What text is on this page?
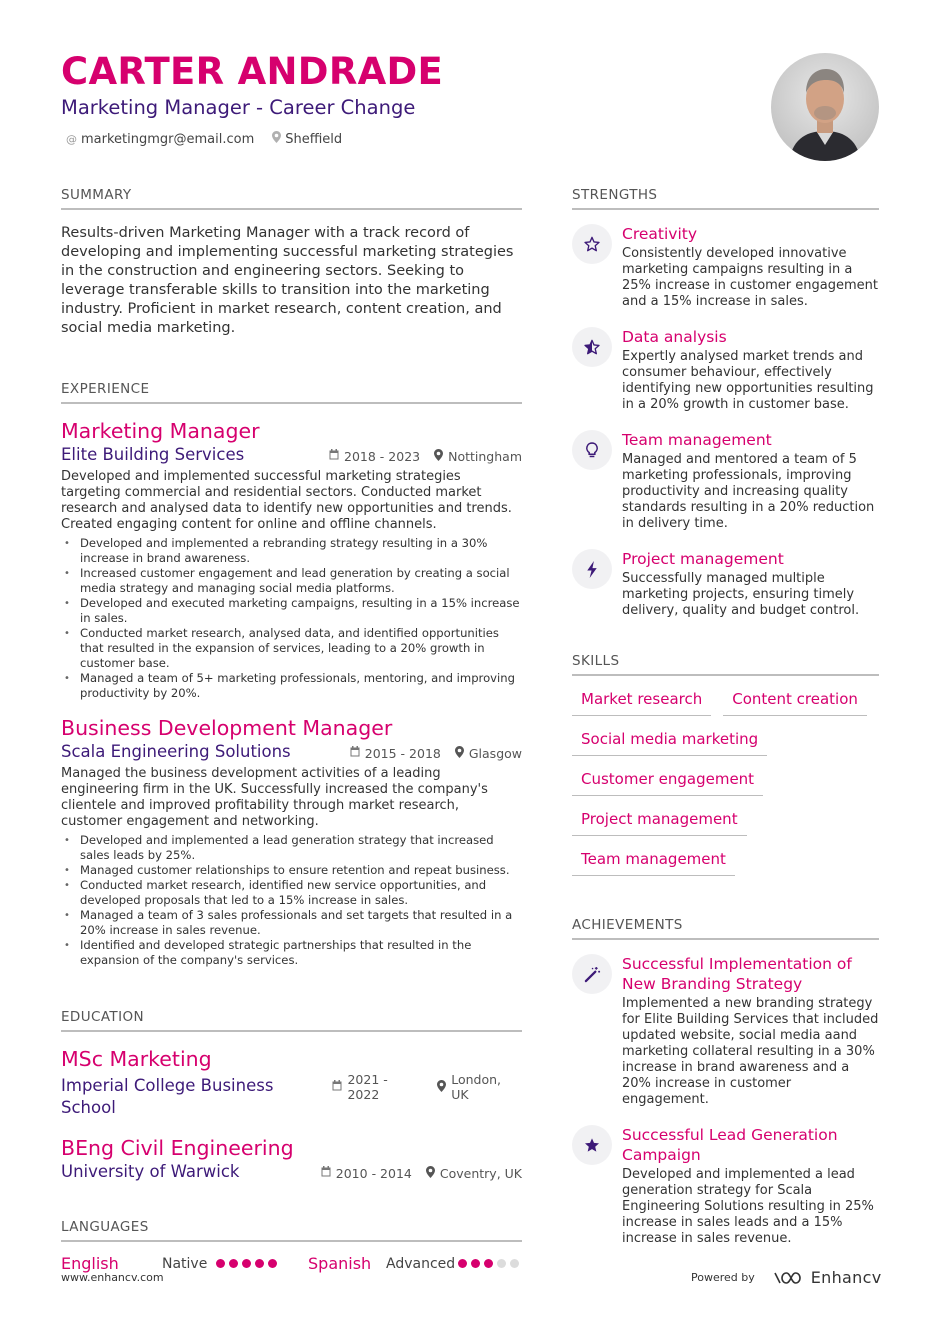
CARTER ANDRADE
Marketing Manager - Career Change
@ marketingmgr@email.com Sheffield
SUMMARY
Results-driven Marketing Manager with a track record of developing and implementing successful marketing strategies in the construction and engineering sectors. Seeking to leverage transferable skills to transition into the marketing industry. Proficient in market research, content creation, and social media marketing.
EXPERIENCE
Marketing Manager
Elite Building Services	2018 - 2023 Nottingham
Developed and implemented successful marketing strategies targeting commercial and residential sectors. Conducted market research and analysed data to identify new opportunities and trends. Created engaging content for online and offline channels.
• Developed and implemented a rebranding strategy resulting in a 30% increase in brand awareness.
• Increased customer engagement and lead generation by creating a social media strategy and managing social media platforms.
• Developed and executed marketing campaigns, resulting in a 15% increase in sales.
• Conducted market research, analysed data, and identified opportunities that resulted in the expansion of services, leading to a 20% growth in customer base.
• Managed a team of 5+ marketing professionals, mentoring, and improving productivity by 20%.
Business Development Manager
Scala Engineering Solutions	2015 - 2018 Glasgow
Managed the business development activities of a leading engineering firm in the UK. Successfully increased the company's clientele and improved profitability through market research, customer engagement and networking.
• Developed and implemented a lead generation strategy that increased sales leads by 25%.
• Managed customer relationships to ensure retention and repeat business.
• Conducted market research, identified new service opportunities, and developed proposals that led to a 15% increase in sales.
• Managed a team of 3 sales professionals and set targets that resulted in a 20% increase in sales revenue.
• Identified and developed strategic partnerships that resulted in the expansion of the company's services.
EDUCATION
MSc Marketing
Imperial College Business School
2021 - 2022
London, UK
BEng Civil Engineering
University of Warwick	2010 - 2014 Coventry, UK
LANGUAGES
English	Native	Spanish	Advanced
STRENGTHS
Creativity
Consistently developed innovative marketing campaigns resulting in a 25% increase in customer engagement and a 15% increase in sales.
Data analysis
Expertly analysed market trends and consumer behaviour, effectively identifying new opportunities resulting in a 20% growth in customer base.
Team management
Managed and mentored a team of 5 marketing professionals, improving productivity and increasing quality standards resulting in a 20% reduction in delivery time.
Project management
Successfully managed multiple marketing projects, ensuring timely delivery, quality and budget control.
SKILLS
Market research	Content creation
Social media marketing
Customer engagement
Project management
Team management
ACHIEVEMENTS
Successful Implementation of New Branding Strategy
Implemented a new branding strategy for Elite Building Services that included updated website, social media aand marketing collateral resulting in a 30% increase in brand awareness and a 20% increase in customer engagement.
Successful Lead Generation Campaign
Developed and implemented a lead generation strategy for Scala Engineering Solutions resulting in 25% increase in sales leads and a 15% increase in sales revenue.
www.enhancv.com	Powered by	Enhancv
